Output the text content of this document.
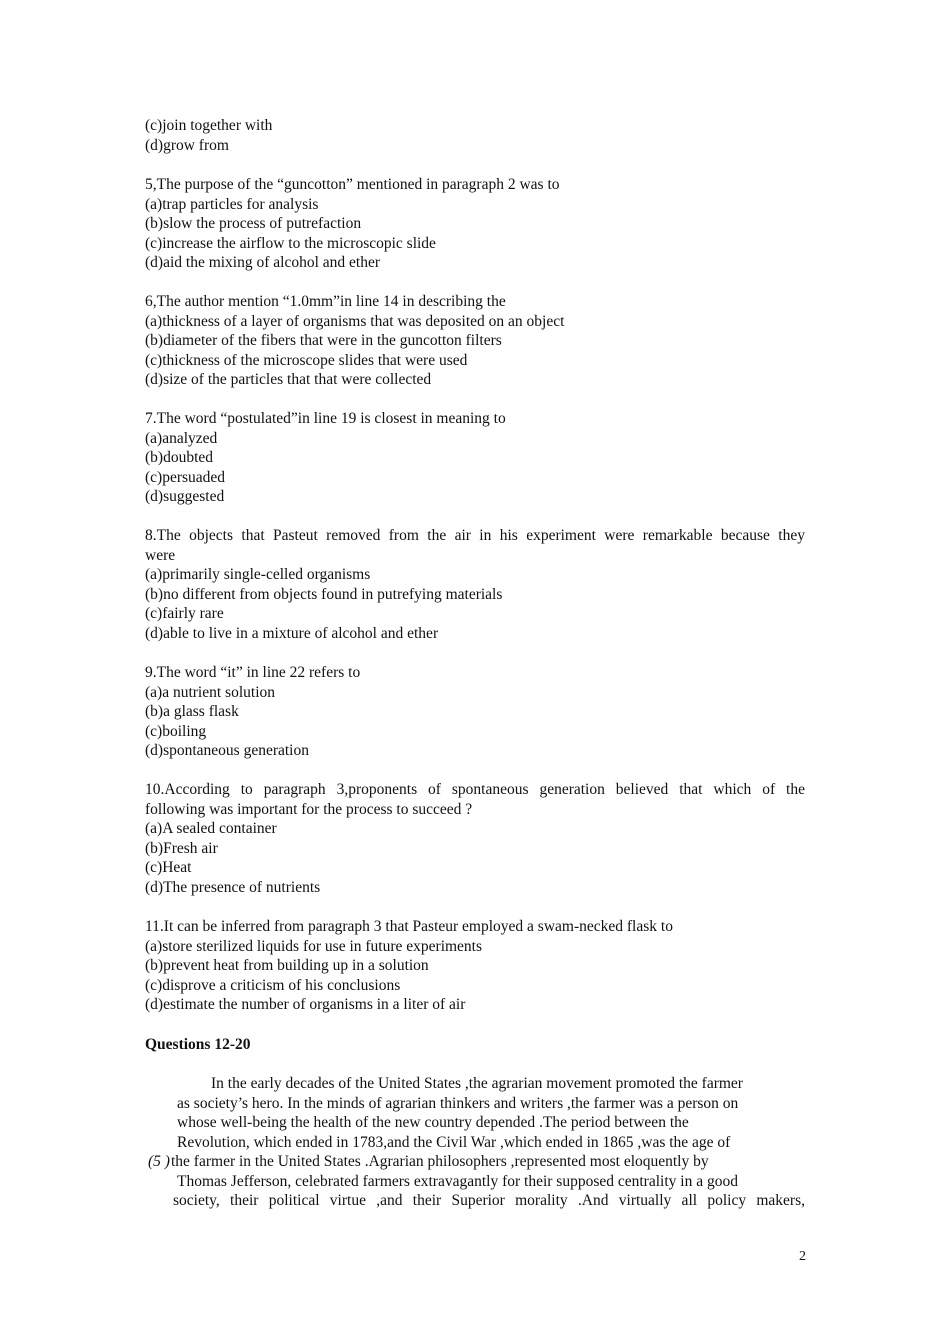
(c)join together with
(d)grow from
5,The purpose of the “guncotton” mentioned in paragraph 2 was to
(a)trap particles for analysis
(b)slow the process of putrefaction
(c)increase the airflow to the microscopic slide
(d)aid the mixing of alcohol and ether
6,The author mention “1.0mm”in line 14 in describing the
(a)thickness of a layer of organisms that was deposited on an object
(b)diameter of the fibers that were in the guncotton filters
(c)thickness of the microscope slides that were used
(d)size of the particles that that were collected
7.The word “postulated”in line 19 is closest in meaning to
(a)analyzed
(b)doubted
(c)persuaded
(d)suggested
8.The objects that Pasteut removed from the air in his experiment were remarkable because they
were
(a)primarily single-celled organisms
(b)no different from objects found in putrefying materials
(c)fairly rare
(d)able to live in a mixture of alcohol and ether
9.The word “it” in line 22 refers to
(a)a nutrient solution
(b)a glass flask
(c)boiling
(d)spontaneous generation
10.According to paragraph 3,proponents of spontaneous generation believed that which of the
following was important for the process to succeed ?
(a)A sealed container
(b)Fresh air
(c)Heat
(d)The presence of nutrients
11.It can be inferred from paragraph 3 that Pasteur employed a swam-necked flask to
(a)store sterilized liquids for use in future experiments
(b)prevent heat from building up in a solution
(c)disprove a criticism of his conclusions
(d)estimate the number of organisms in a liter of air
Questions 12-20
In the early decades of the United States ,the agrarian movement promoted the farmer
as society’s hero. In the minds of agrarian thinkers and writers ,the farmer was a person on
whose well-being the health of the new country depended .The period between the
Revolution, which ended in 1783,and the Civil War ,which ended in 1865 ,was the age of
(5 ) the farmer in the United States .Agrarian philosophers ,represented most eloquently by
Thomas Jefferson, celebrated farmers extravagantly for their supposed centrality in a good
society, their political virtue ,and their Superior morality .And virtually all policy makers,
2
